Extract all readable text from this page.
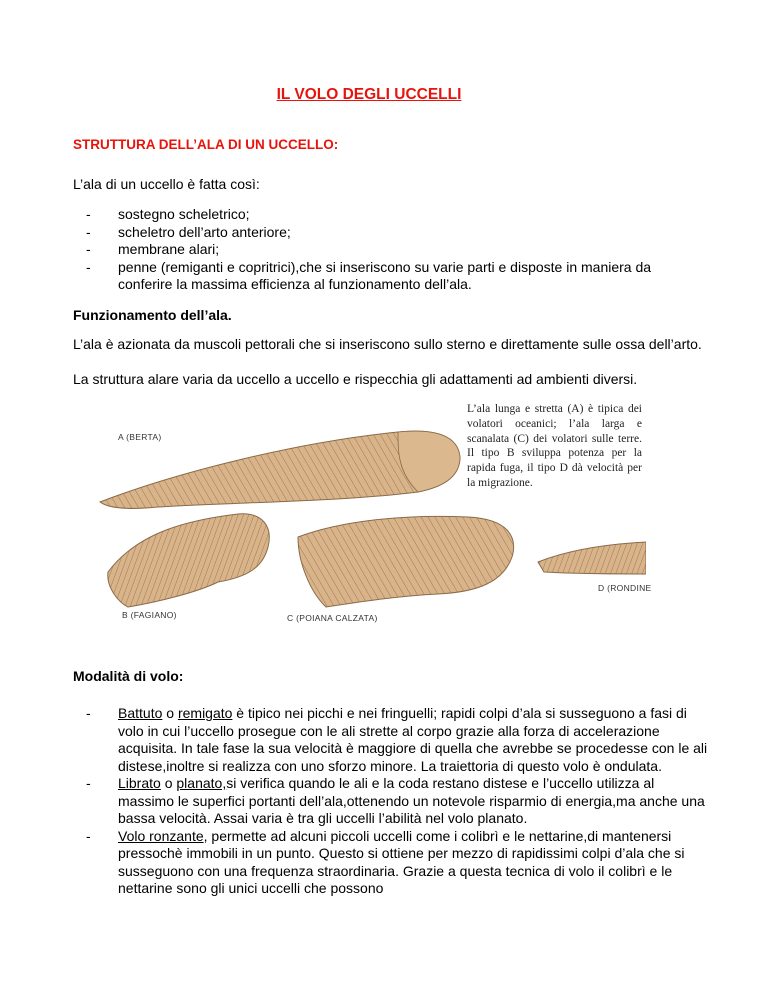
IL VOLO DEGLI UCCELLI
STRUTTURA DELL’ALA DI UN UCCELLO:

L’ala di un uccello è fatta così:

- sostegno scheletrico;
- scheletro dell’arto anteriore;
- membrane alari;
- penne (remiganti e copritrici),che si inseriscono su varie parti e disposte in maniera da conferire la massima efficienza al funzionamento dell’ala.

Funzionamento dell’ala.

L’ala è azionata da muscoli pettorali che si inseriscono sullo sterno e direttamente sulle ossa dell’arto.

La struttura alare varia da uccello a uccello e rispecchia gli adattamenti ad ambienti diversi.

A (BERTA)
B (FAGIANO)	C (POIANA CALZATA)
D (RONDINE
L’ala lunga e stretta (A) è tipica dei volatori oceanici; l’ala larga e scanalata (C) dei volatori sulle terre. Il tipo B sviluppa potenza per la rapida fuga, il tipo D dà velocità per la migrazione.

Modalità di volo:

- Battuto o remigato è tipico nei picchi e nei fringuelli; rapidi colpi d’ala si susseguono a fasi di volo in cui l’uccello prosegue con le ali strette al corpo grazie alla forza di accelerazione acquisita. In tale fase la sua velocità è maggiore di quella che avrebbe se procedesse con le ali distese,inoltre si realizza con uno sforzo minore. La traiettoria di questo volo è ondulata.
- Librato o planato,si verifica quando le ali e la coda restano distese e l’uccello utilizza al massimo le superfici portanti dell’ala,ottenendo un notevole risparmio di energia,ma anche una bassa velocità. Assai varia è tra gli uccelli l’abilità nel volo planato.
- Volo ronzante, permette ad alcuni piccoli uccelli come i colibrì e le nettarine,di mantenersi pressochè immobili in un punto. Questo si ottiene per mezzo di rapidissimi colpi d’ala che si susseguono con una frequenza straordinaria. Grazie a questa tecnica di volo il colibrì e le nettarine sono gli unici uccelli che possono
